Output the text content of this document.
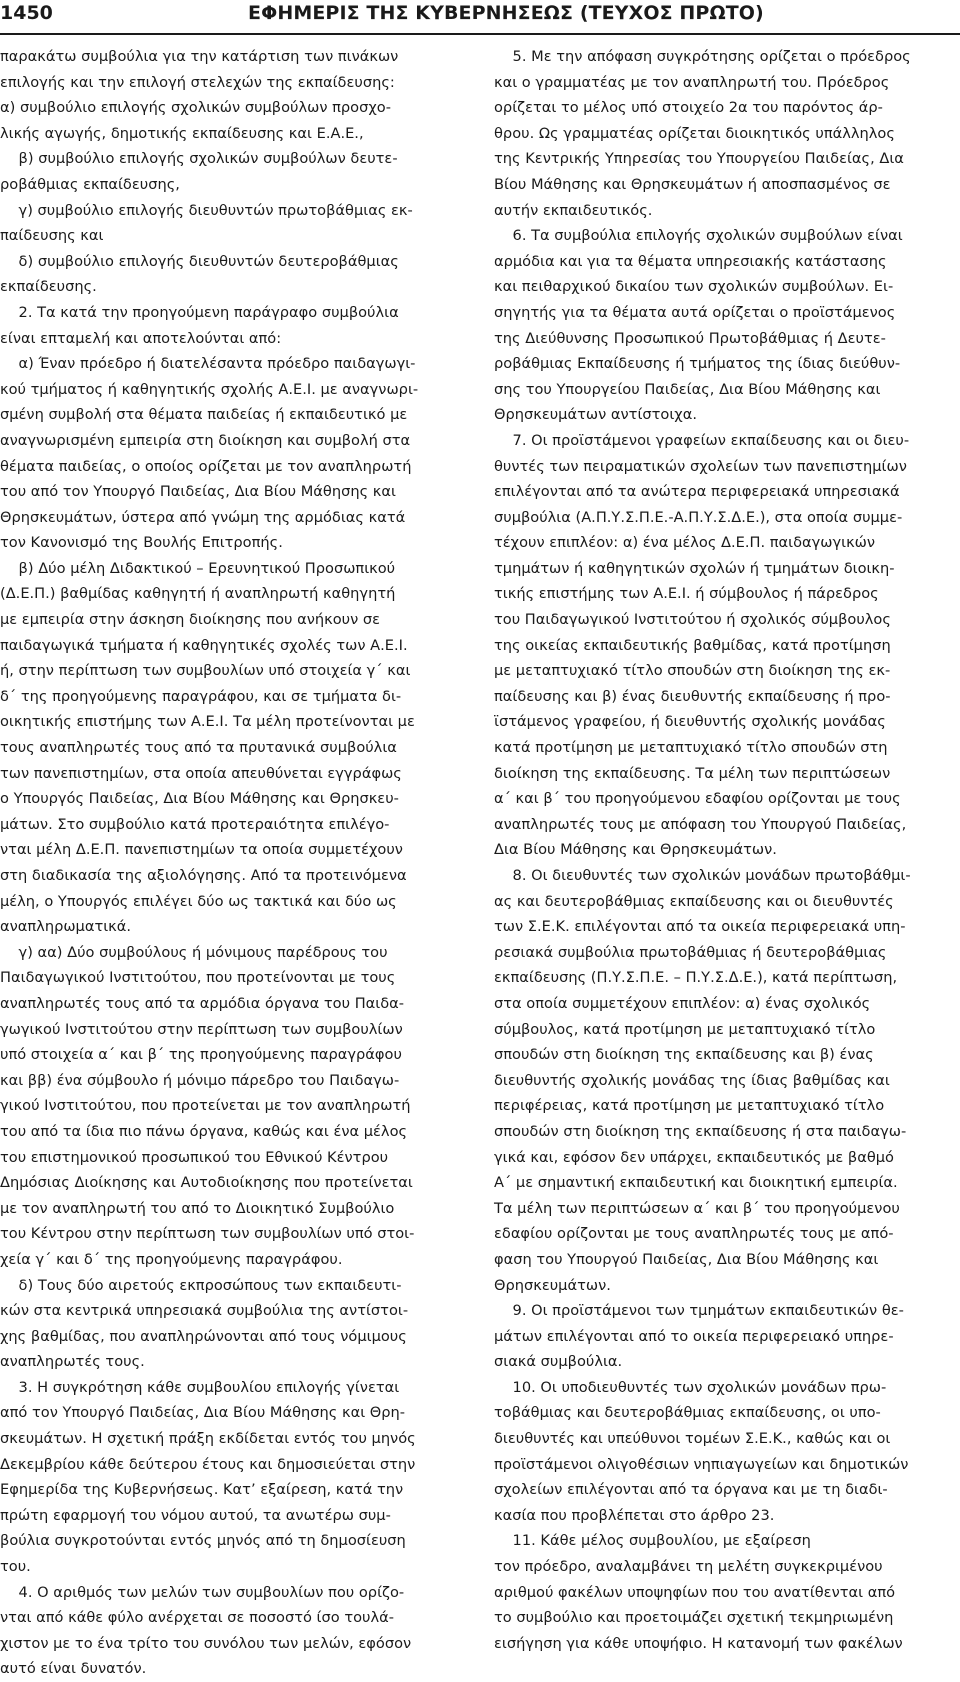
1450	ΕΦΗΜΕΡΙΣ ΤΗΣ ΚΥΒΕΡΝΗΣΕΩΣ (ΤΕΥΧΟΣ ΠΡΩΤΟ)
παρακάτω συμβούλια για την κατάρτιση των πινάκων
επιλογής και την επιλογή στελεχών της εκπαίδευσης:
α) συμβούλιο επιλογής σχολικών συμβούλων προσχο-
λικής αγωγής, δημοτικής εκπαίδευσης και Ε.Α.Ε.,
β) συμβούλιο επιλογής σχολικών συμβούλων δευτε-
ροβάθμιας εκπαίδευσης,
γ) συμβούλιο επιλογής διευθυντών πρωτοβάθμιας εκ-
παίδευσης και
δ) συμβούλιο επιλογής διευθυντών δευτεροβάθμιας
εκπαίδευσης.
2. Τα κατά την προηγούμενη παράγραφο συμβούλια
είναι επταμελή και αποτελούνται από:
α) Έναν πρόεδρο ή διατελέσαντα πρόεδρο παιδαγωγι-
κού τμήματος ή καθηγητικής σχολής Α.Ε.Ι. με αναγνωρι-
σμένη συμβολή στα θέματα παιδείας ή εκπαιδευτικό με
αναγνωρισμένη εμπειρία στη διοίκηση και συμβολή στα
θέματα παιδείας, ο οποίος ορίζεται με τον αναπληρωτή
του από τον Υπουργό Παιδείας, Δια Βίου Μάθησης και
Θρησκευμάτων, ύστερα από γνώμη της αρμόδιας κατά
τον Κανονισμό της Βουλής Επιτροπής.
β) Δύο μέλη Διδακτικού – Ερευνητικού Προσωπικού
(Δ.Ε.Π.) βαθμίδας καθηγητή ή αναπληρωτή καθηγητή
με εμπειρία στην άσκηση διοίκησης που ανήκουν σε
παιδαγωγικά τμήματα ή καθηγητικές σχολές των Α.Ε.Ι.
ή, στην περίπτωση των συμβουλίων υπό στοιχεία γ΄ και
δ΄ της προηγούμενης παραγράφου, και σε τμήματα δι-
οικητικής επιστήμης των Α.Ε.Ι. Τα μέλη προτείνονται με
τους αναπληρωτές τους από τα πρυτανικά συμβούλια
των πανεπιστημίων, στα οποία απευθύνεται εγγράφως
ο Υπουργός Παιδείας, Δια Βίου Μάθησης και Θρησκευ-
μάτων. Στο συμβούλιο κατά προτεραιότητα επιλέγο-
νται μέλη Δ.Ε.Π. πανεπιστημίων τα οποία συμμετέχουν
στη διαδικασία της αξιολόγησης. Από τα προτεινόμενα
μέλη, ο Υπουργός επιλέγει δύο ως τακτικά και δύο ως
αναπληρωματικά.
γ) αα) Δύο συμβούλους ή μόνιμους παρέδρους του
Παιδαγωγικού Ινστιτούτου, που προτείνονται με τους
αναπληρωτές τους από τα αρμόδια όργανα του Παιδα-
γωγικού Ινστιτούτου στην περίπτωση των συμβουλίων
υπό στοιχεία α΄ και β΄ της προηγούμενης παραγράφου
και ββ) ένα σύμβουλο ή μόνιμο πάρεδρο του Παιδαγω-
γικού Ινστιτούτου, που προτείνεται με τον αναπληρωτή
του από τα ίδια πιο πάνω όργανα, καθώς και ένα μέλος
του επιστημονικού προσωπικού του Εθνικού Κέντρου
Δημόσιας Διοίκησης και Αυτοδιοίκησης που προτείνεται
με τον αναπληρωτή του από το Διοικητικό Συμβούλιο
του Κέντρου στην περίπτωση των συμβουλίων υπό στοι-
χεία γ΄ και δ΄ της προηγούμενης παραγράφου.
δ) Τους δύο αιρετούς εκπροσώπους των εκπαιδευτι-
κών στα κεντρικά υπηρεσιακά συμβούλια της αντίστοι-
χης βαθμίδας, που αναπληρώνονται από τους νόμιμους
αναπληρωτές τους.
3. Η συγκρότηση κάθε συμβουλίου επιλογής γίνεται
από τον Υπουργό Παιδείας, Δια Βίου Μάθησης και Θρη-
σκευμάτων. Η σχετική πράξη εκδίδεται εντός του μηνός
Δεκεμβρίου κάθε δεύτερου έτους και δημοσιεύεται στην
Εφημερίδα της Κυβερνήσεως. Κατ’ εξαίρεση, κατά την
πρώτη εφαρμογή του νόμου αυτού, τα ανωτέρω συμ-
βούλια συγκροτούνται εντός μηνός από τη δημοσίευση
του.
4. Ο αριθμός των μελών των συμβουλίων που ορίζο-
νται από κάθε φύλο ανέρχεται σε ποσοστό ίσο τουλά-
χιστον με το ένα τρίτο του συνόλου των μελών, εφόσον
αυτό είναι δυνατόν.
5. Με την απόφαση συγκρότησης ορίζεται ο πρόεδρος
και ο γραμματέας με τον αναπληρωτή του. Πρόεδρος
ορίζεται το μέλος υπό στοιχείο 2α του παρόντος άρ-
θρου. Ως γραμματέας ορίζεται διοικητικός υπάλληλος
της Κεντρικής Υπηρεσίας του Υπουργείου Παιδείας, Δια
Βίου Μάθησης και Θρησκευμάτων ή αποσπασμένος σε
αυτήν εκπαιδευτικός.
6. Τα συμβούλια επιλογής σχολικών συμβούλων είναι
αρμόδια και για τα θέματα υπηρεσιακής κατάστασης
και πειθαρχικού δικαίου των σχολικών συμβούλων. Ει-
σηγητής για τα θέματα αυτά ορίζεται ο προϊστάμενος
της Διεύθυνσης Προσωπικού Πρωτοβάθμιας ή Δευτε-
ροβάθμιας Εκπαίδευσης ή τμήματος της ίδιας διεύθυν-
σης του Υπουργείου Παιδείας, Δια Βίου Μάθησης και
Θρησκευμάτων αντίστοιχα.
7. Οι προϊστάμενοι γραφείων εκπαίδευσης και οι διευ-
θυντές των πειραματικών σχολείων των πανεπιστημίων
επιλέγονται από τα ανώτερα περιφερειακά υπηρεσιακά
συμβούλια (Α.Π.Υ.Σ.Π.Ε.-Α.Π.Υ.Σ.Δ.Ε.), στα οποία συμμε-
τέχουν επιπλέον: α) ένα μέλος Δ.Ε.Π. παιδαγωγικών
τμημάτων ή καθηγητικών σχολών ή τμημάτων διοικη-
τικής επιστήμης των Α.Ε.Ι. ή σύμβουλος ή πάρεδρος
του Παιδαγωγικού Ινστιτούτου ή σχολικός σύμβουλος
της οικείας εκπαιδευτικής βαθμίδας, κατά προτίμηση
με μεταπτυχιακό τίτλο σπουδών στη διοίκηση της εκ-
παίδευσης και β) ένας διευθυντής εκπαίδευσης ή προ-
ϊστάμενος γραφείου, ή διευθυντής σχολικής μονάδας
κατά προτίμηση με μεταπτυχιακό τίτλο σπουδών στη
διοίκηση της εκπαίδευσης. Τα μέλη των περιπτώσεων
α΄ και β΄ του προηγούμενου εδαφίου ορίζονται με τους
αναπληρωτές τους με απόφαση του Υπουργού Παιδείας,
Δια Βίου Μάθησης και Θρησκευμάτων.
8. Οι διευθυντές των σχολικών μονάδων πρωτοβάθμι-
ας και δευτεροβάθμιας εκπαίδευσης και οι διευθυντές
των Σ.Ε.Κ. επιλέγονται από τα οικεία περιφερειακά υπη-
ρεσιακά συμβούλια πρωτοβάθμιας ή δευτεροβάθμιας
εκπαίδευσης (Π.Υ.Σ.Π.Ε. – Π.Υ.Σ.Δ.Ε.), κατά περίπτωση,
στα οποία συμμετέχουν επιπλέον: α) ένας σχολικός
σύμβουλος, κατά προτίμηση με μεταπτυχιακό τίτλο
σπουδών στη διοίκηση της εκπαίδευσης και β) ένας
διευθυντής σχολικής μονάδας της ίδιας βαθμίδας και
περιφέρειας, κατά προτίμηση με μεταπτυχιακό τίτλο
σπουδών στη διοίκηση της εκπαίδευσης ή στα παιδαγω-
γικά και, εφόσον δεν υπάρχει, εκπαιδευτικός με βαθμό
Α΄ με σημαντική εκπαιδευτική και διοικητική εμπειρία.
Τα μέλη των περιπτώσεων α΄ και β΄ του προηγούμενου
εδαφίου ορίζονται με τους αναπληρωτές τους με από-
φαση του Υπουργού Παιδείας, Δια Βίου Μάθησης και
Θρησκευμάτων.
9. Οι προϊστάμενοι των τμημάτων εκπαιδευτικών θε-
μάτων επιλέγονται από το οικεία περιφερειακό υπηρε-
σιακά συμβούλια.
10. Οι υποδιευθυντές των σχολικών μονάδων πρω-
τοβάθμιας και δευτεροβάθμιας εκπαίδευσης, οι υπο-
διευθυντές και υπεύθυνοι τομέων Σ.Ε.Κ., καθώς και οι
προϊστάμενοι ολιγοθέσιων νηπιαγωγείων και δημοτικών
σχολείων επιλέγονται από τα όργανα και με τη διαδι-
κασία που προβλέπεται στο άρθρο 23.
11. Κάθε μέλος συμβουλίου, με εξαίρεση
τον πρόεδρο, αναλαμβάνει τη μελέτη συγκεκριμένου
αριθμού φακέλων υποψηφίων που του ανατίθενται από
το συμβούλιο και προετοιμάζει σχετική τεκμηριωμένη
εισήγηση για κάθε υποψήφιο. Η κατανομή των φακέλων
